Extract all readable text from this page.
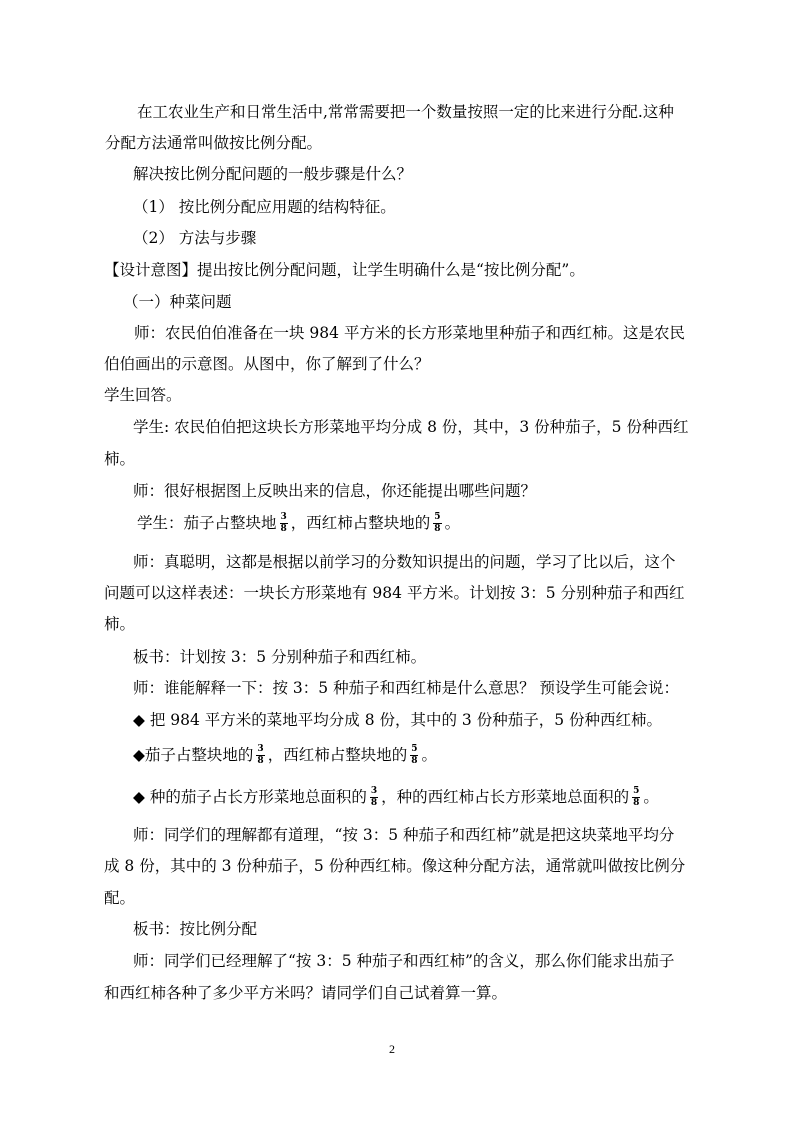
在工农业生产和日常生活中,常常需要把一个数量按照一定的比来进行分配.这种
分配方法通常叫做按比例分配。
解决按比例分配问题的一般步骤是什么？
（1） 按比例分配应用题的结构特征。
（2） 方法与步骤
【设计意图】提出按比例分配问题，让学生明确什么是“按比例分配”。
（一）种菜问题
师：农民伯伯准备在一块 984 平方米的长方形菜地里种茄子和西红柿。这是农民
伯伯画出的示意图。从图中，你了解到了什么？
学生回答。
学生: 农民伯伯把这块长方形菜地平均分成 8 份，其中，3 份种茄子，5 份种西红
柿。
师：很好根据图上反映出来的信息，你还能提出哪些问题？
学生：茄子占整块地 $\frac{3}{8}$ ，西红柿占整块地的 $\frac{5}{8}$ 。
师：真聪明，这都是根据以前学习的分数知识提出的问题，学习了比以后，这个
问题可以这样表述：一块长方形菜地有 984 平方米。计划按 3：5 分别种茄子和西红
柿。
板书：计划按 3：5 分别种茄子和西红柿。
师：谁能解释一下：按 3：5 种茄子和西红柿是什么意思？ 预设学生可能会说：
◆ 把 984 平方米的菜地平均分成 8 份，其中的 3 份种茄子，5 份种西红柿。
◆茄子占整块地的 $\frac{3}{8}$ ，西红柿占整块地的 $\frac{5}{8}$ 。
◆ 种的茄子占长方形菜地总面积的 $\frac{3}{8}$ ，种的西红柿占长方形菜地总面积的 $\frac{5}{8}$ 。
师：同学们的理解都有道理，“按 3：5 种茄子和西红柿”就是把这块菜地平均分
成 8 份，其中的 3 份种茄子，5 份种西红柿。像这种分配方法，通常就叫做按比例分
配。
板书：按比例分配
师：同学们已经理解了“按 3：5 种茄子和西红柿”的含义，那么你们能求出茄子
和西红柿各种了多少平方米吗？请同学们自己试着算一算。
2
